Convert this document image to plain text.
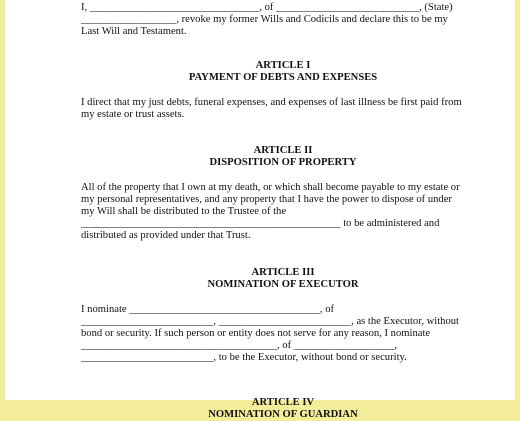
I, ________________________________, of ___________________________, (State)

__________________, revoke my former Wills and Codicils and declare this to be my

Last Will and Testament.

ARTICLE I
PAYMENT OF DEBTS AND EXPENSES

I direct that my just debts, funeral expenses, and expenses of last illness be first paid from

my estate or trust assets.

ARTICLE II
DISPOSITION OF PROPERTY

All of the property that I own at my death, or which shall become payable to my estate or

my personal representatives, and any property that I have the power to dispose of under

my Will shall be distributed to the Trustee of the

_________________________________________________ to be administered and

distributed as provided under that Trust.

ARTICLE III
NOMINATION OF EXECUTOR

I nominate ____________________________________, of

_________________________, _________________________, as the Executor, without

bond or security. If such person or entity does not serve for any reason, I nominate

_____________________________________, of ___________________,

_________________________, to be the Executor, without bond or security.

ARTICLE IV
NOMINATION OF GUARDIAN
